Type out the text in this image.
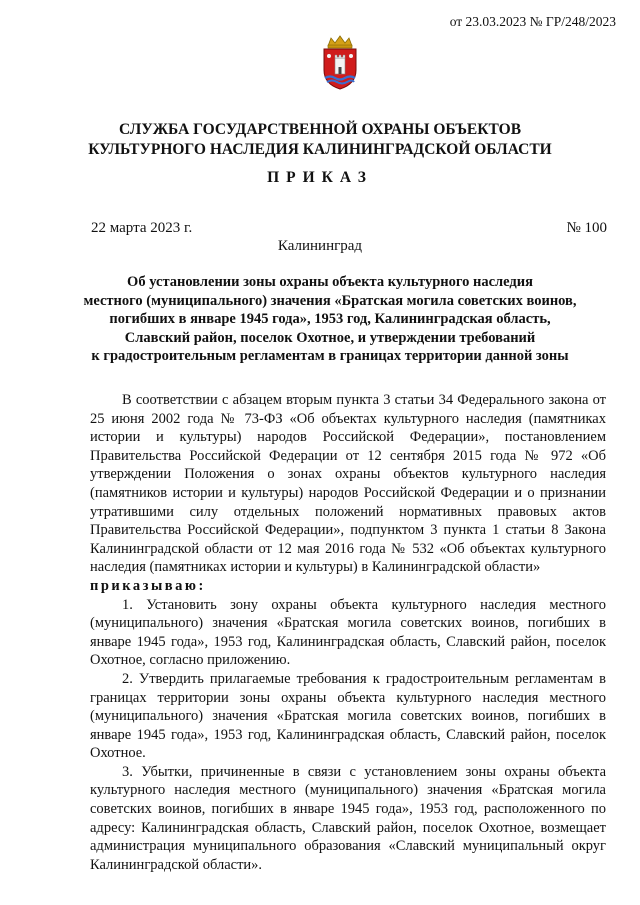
от 23.03.2023 № ГР/248/2023
СЛУЖБА ГОСУДАРСТВЕННОЙ ОХРАНЫ ОБЪЕКТОВ
КУЛЬТУРНОГО НАСЛЕДИЯ КАЛИНИНГРАДСКОЙ ОБЛАСТИ
ПРИКАЗ
22 марта 2023 г.	№ 100
Калининград
Об установлении зоны охраны объекта культурного наследия
местного (муниципального) значения «Братская могила советских воинов,
погибших в январе 1945 года», 1953 год, Калининградская область,
Славский район, поселок Охотное, и утверждении требований
к градостроительным регламентам в границах территории данной зоны

В соответствии с абзацем вторым пункта 3 статьи 34 Федерального закона от 25 июня 2002 года № 73-ФЗ «Об объектах культурного наследия (памятниках истории и культуры) народов Российской Федерации», постановлением Правительства Российской Федерации от 12 сентября 2015 года № 972 «Об утверждении Положения о зонах охраны объектов культурного наследия (памятников истории и культуры) народов Российской Федерации и о признании утратившими силу отдельных положений нормативных правовых актов Правительства Российской Федерации», подпунктом 3 пункта 1 статьи 8 Закона Калининградской области от 12 мая 2016 года № 532 «Об объектах культурного наследия (памятниках истории и культуры) в Калининградской области»

приказываю:

1. Установить зону охраны объекта культурного наследия местного (муниципального) значения «Братская могила советских воинов, погибших в январе 1945 года», 1953 год, Калининградская область, Славский район, поселок Охотное, согласно приложению.

2. Утвердить прилагаемые требования к градостроительным регламентам в границах территории зоны охраны объекта культурного наследия местного (муниципального) значения «Братская могила советских воинов, погибших в январе 1945 года», 1953 год, Калининградская область, Славский район, поселок Охотное.

3. Убытки, причиненные в связи с установлением зоны охраны объекта культурного наследия местного (муниципального) значения «Братская могила советских воинов, погибших в январе 1945 года», 1953 год, расположенного по адресу: Калининградская область, Славский район, поселок Охотное, возмещает администрация муниципального образования «Славский муниципальный округ Калининградской области».
